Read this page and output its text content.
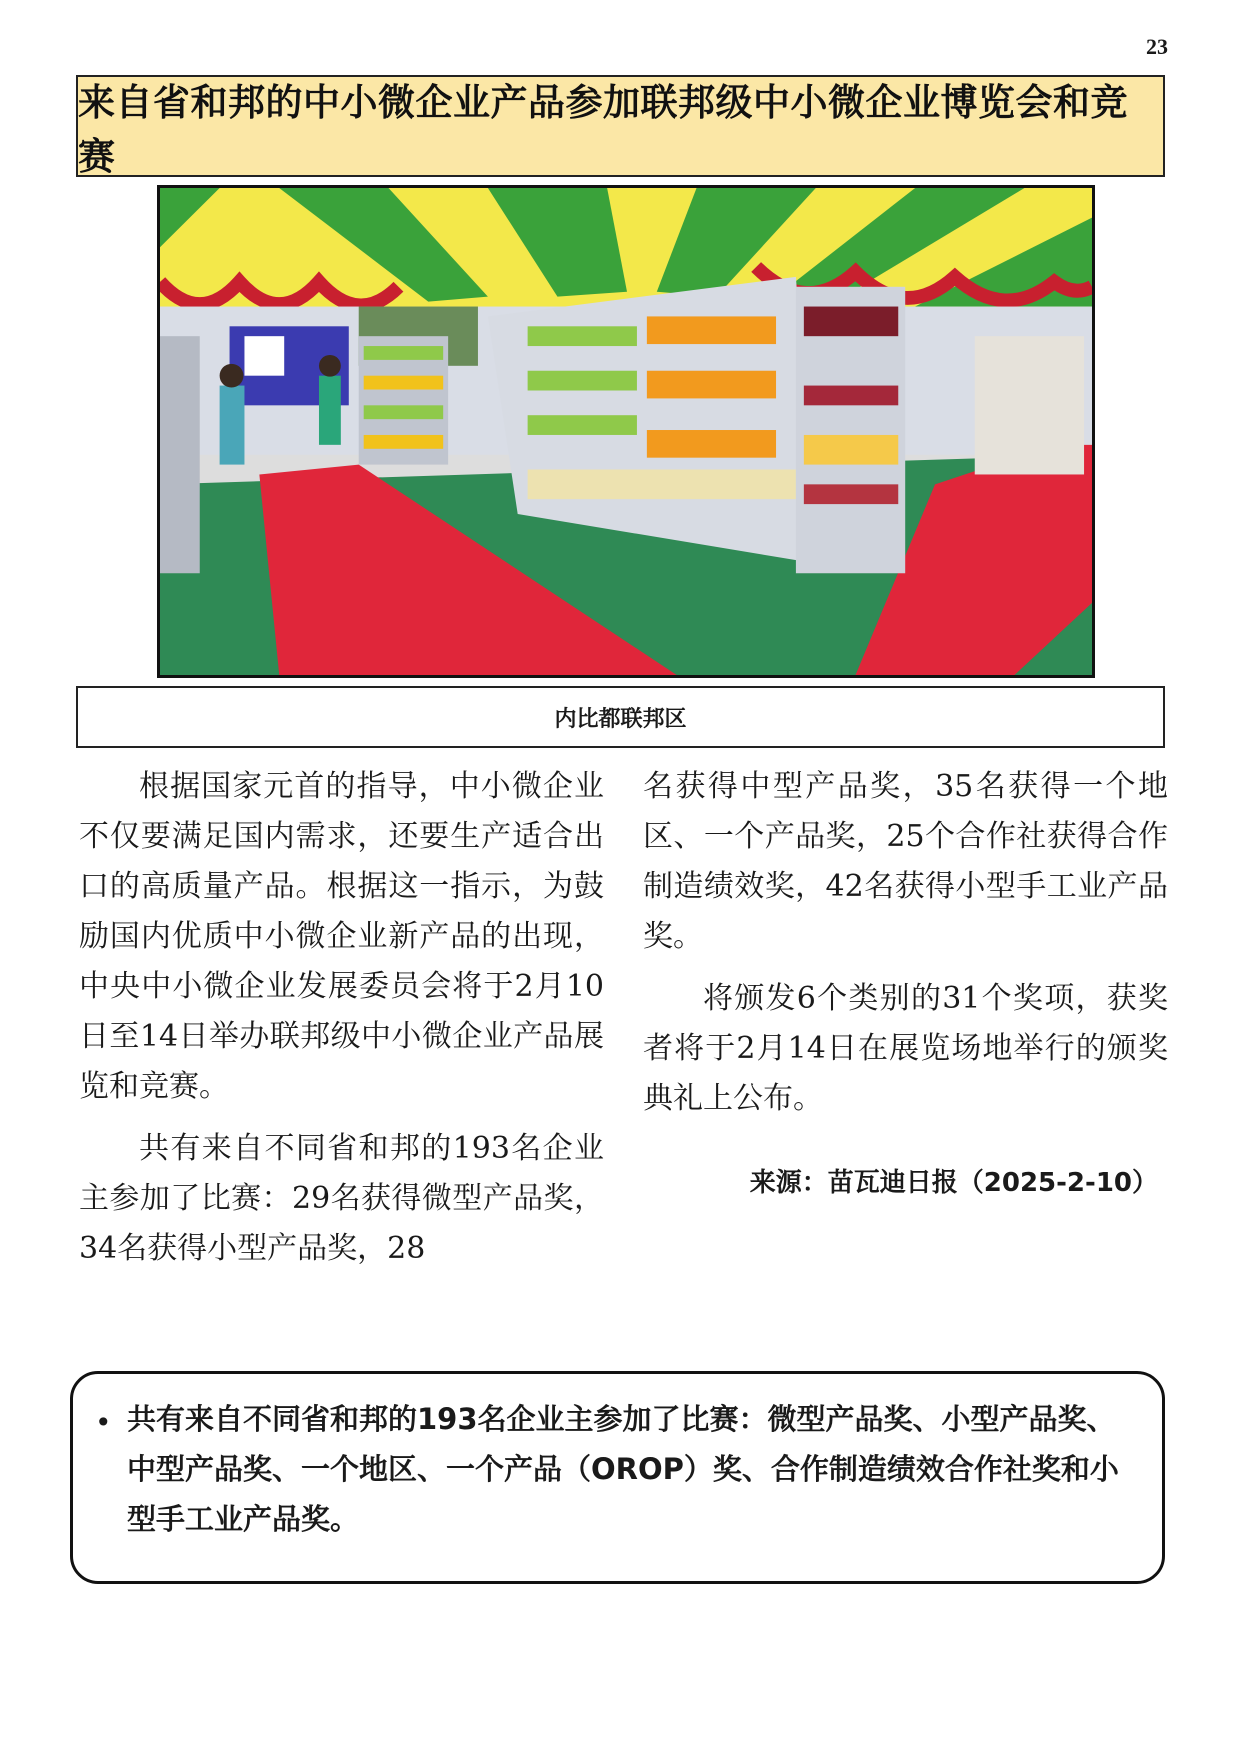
23
来自省和邦的中小微企业产品参加联邦级中小微企业博览会和竞赛
内比都联邦区

根据国家元首的指导，中小微企业不仅要满足国内需求，还要生产适合出口的高质量产品。根据这一指示，为鼓励国内优质中小微企业新产品的出现，中央中小微企业发展委员会将于2月10日至14日举办联邦级中小微企业产品展览和竞赛。

共有来自不同省和邦的193名企业主参加了比赛：29名获得微型产品奖，34名获得小型产品奖，28

名获得中型产品奖，35名获得一个地区、一个产品奖，25个合作社获得合作制造绩效奖，42名获得小型手工业产品奖。

将颁发6个类别的31个奖项，获奖者将于2月14日在展览场地举行的颁奖典礼上公布。

来源：苗瓦迪日报（2025-2-10）

• 共有来自不同省和邦的193名企业主参加了比赛：微型产品奖、小型产品奖、中型产品奖、一个地区、一个产品（OROP）奖、合作制造绩效合作社奖和小型手工业产品奖。
